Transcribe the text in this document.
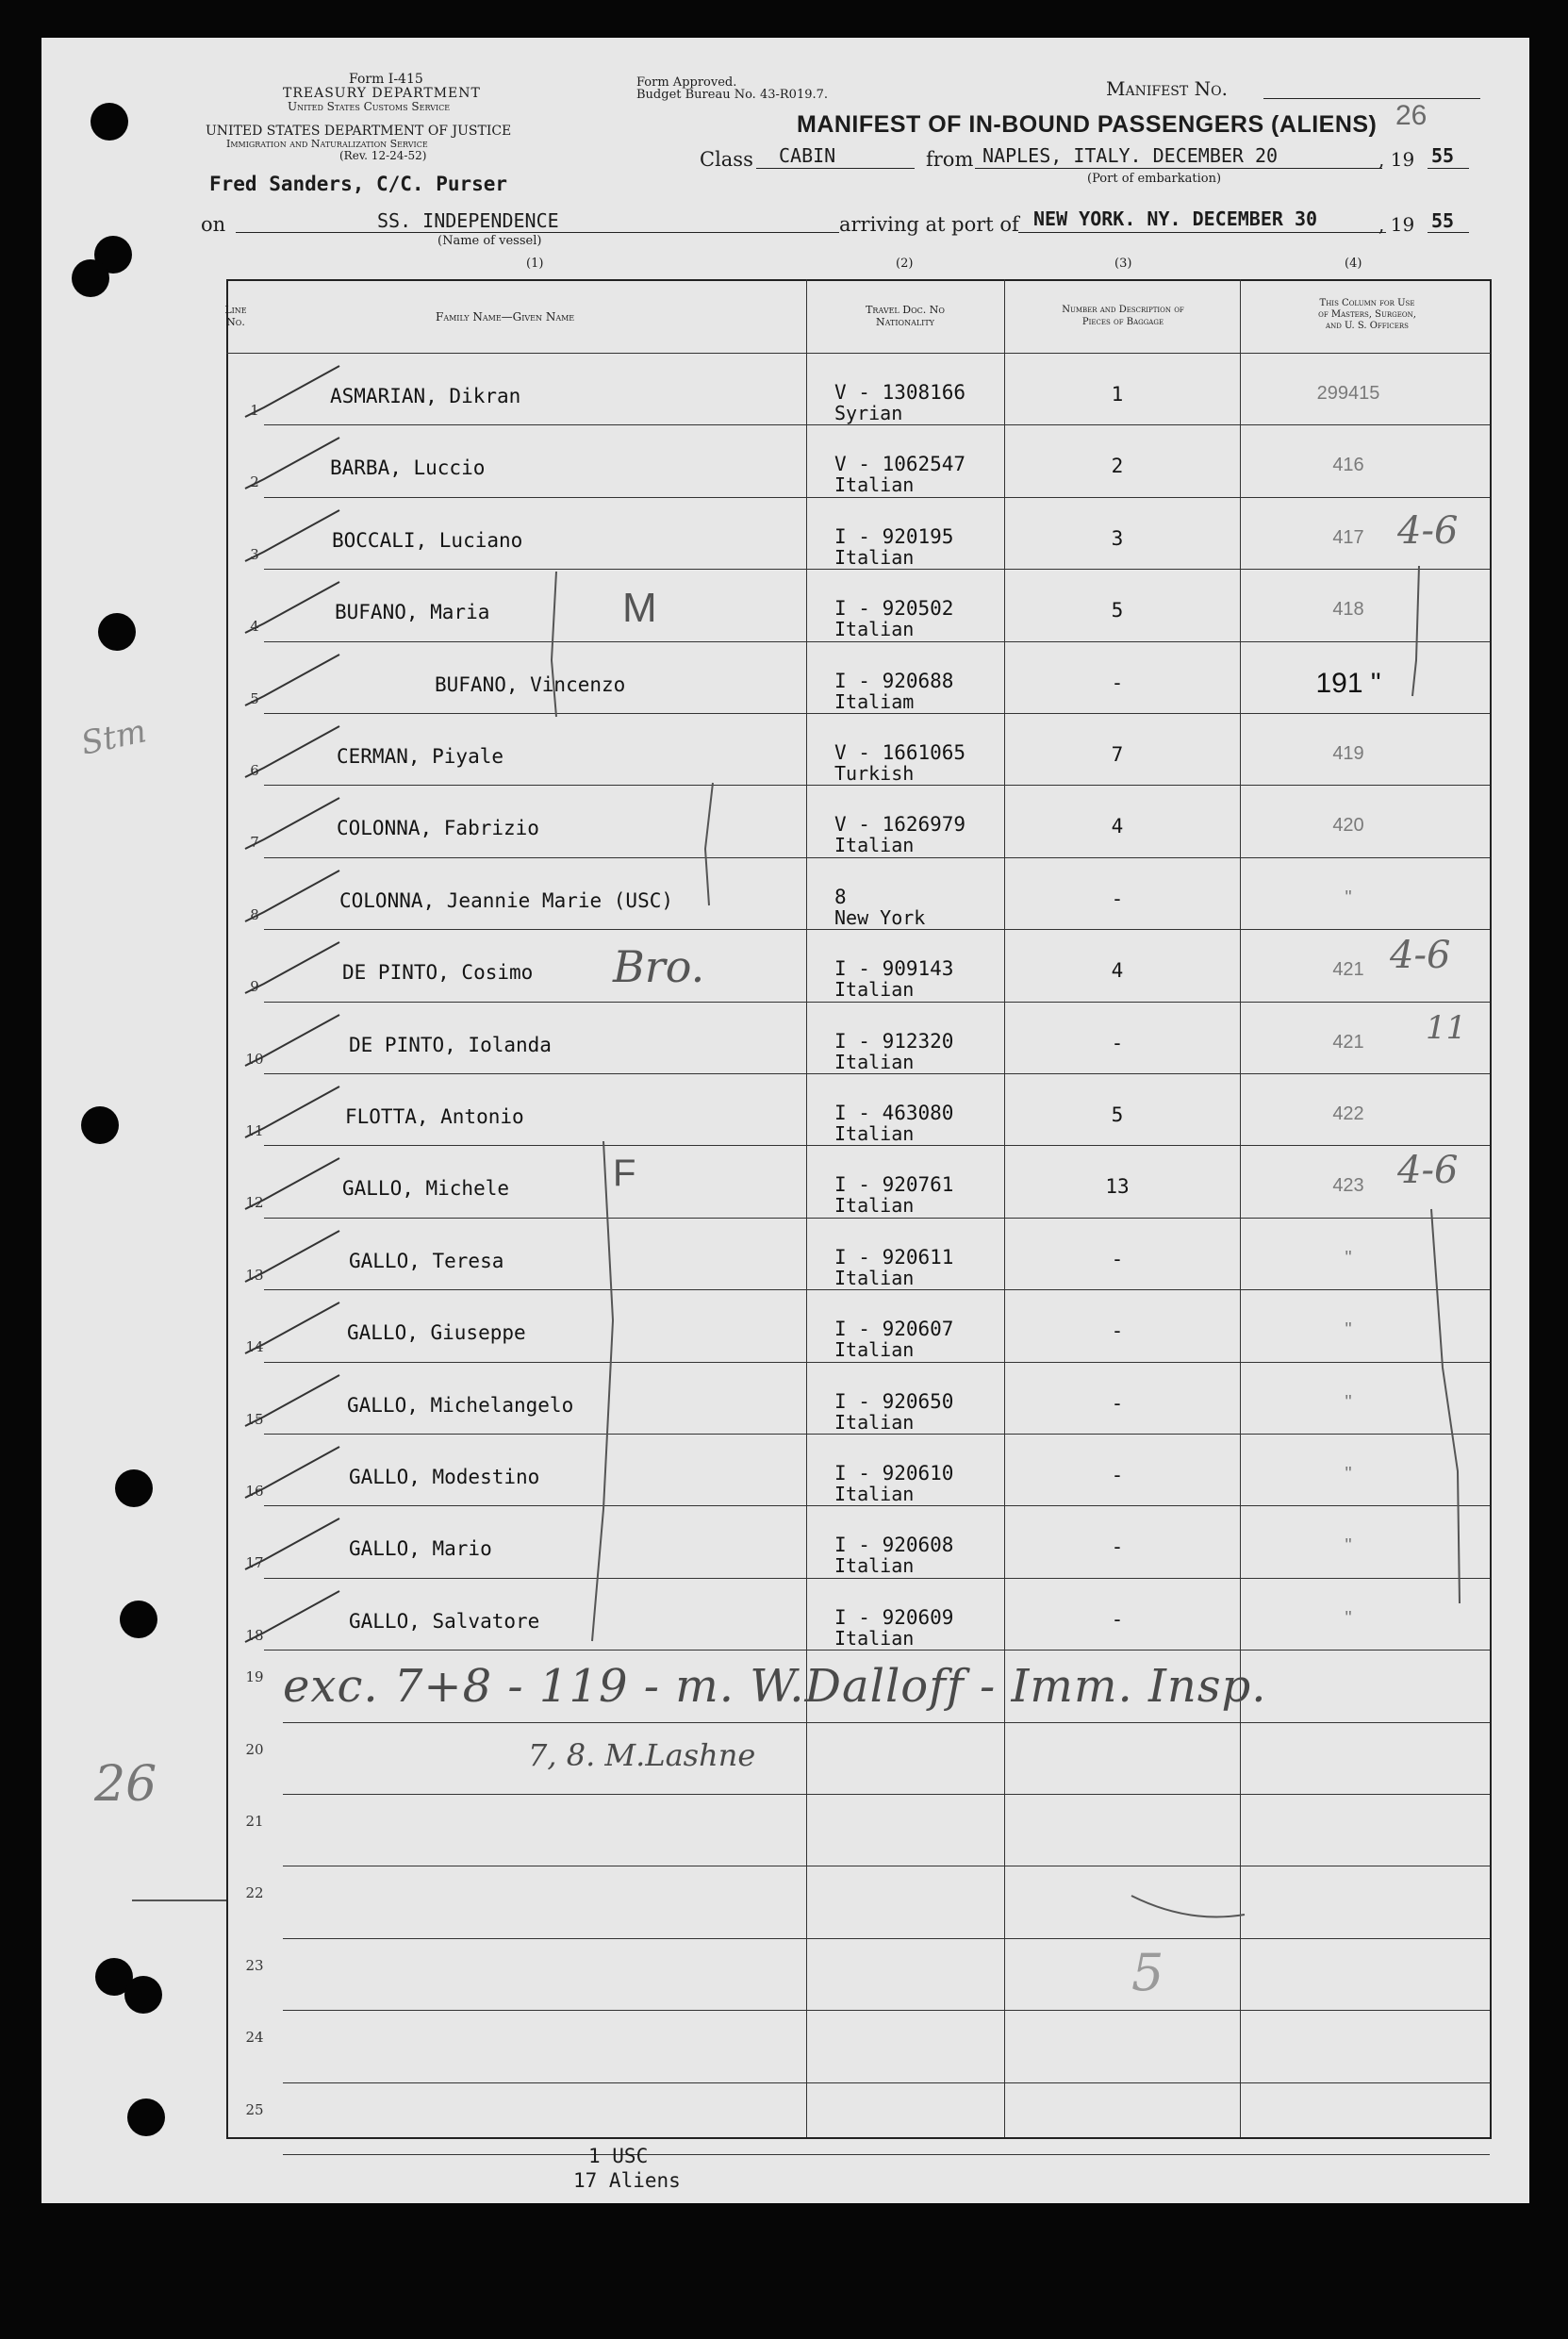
Form I-415
TREASURY DEPARTMENT
United States Customs Service
UNITED STATES DEPARTMENT OF JUSTICE
Immigration and Naturalization Service
(Rev. 12-24-52)
Fred Sanders, C/C. Purser
Form Approved.
Budget Bureau No. 43-R019.7.	Manifest No.
26
MANIFEST OF IN-BOUND PASSENGERS (ALIENS)
Class CABIN	from NAPLES, ITALY. DECEMBER 20	, 19 55
(Port of embarkation)
on	SS. INDEPENDENCE
(Name of vessel)
arriving at port of NEW YORK. NY. DECEMBER 30	, 19 55
(1)	(2)	(3)	(4)
Line
No.	Family Name—Given Name
Travel Doc. No
Nationality
Number and Description of
Pieces of Baggage
This Column for Use
of Masters, Surgeon,
and U. S. Officers
1
ASMARIAN, Dikran	V - 1308166
Syrian
1	299415
2
BARBA, Luccio	V - 1062547
Italian
2	416
3
BOCCALI, Luciano	I - 920195
Italian
3	417
4
BUFANO, Maria	I - 920502
Italian
5	418
5
BUFANO, Vincenzo	I - 920688
Italiam
-	191 "
6
CERMAN, Piyale	V - 1661065
Turkish
7	419
7
COLONNA, Fabrizio	V - 1626979
Italian
4	420
8
COLONNA, Jeannie Marie (USC)	8
New York
-	"
9
DE PINTO, Cosimo	I - 909143
Italian
4	421
10
DE PINTO, Iolanda	I - 912320
Italian
-	421
11
FLOTTA, Antonio	I - 463080
Italian
5	422
12
GALLO, Michele	I - 920761
Italian
13	423
13
GALLO, Teresa	I - 920611
Italian
-	"
14
GALLO, Giuseppe	I - 920607
Italian
-	"
15
GALLO, Michelangelo	I - 920650
Italian
-	"
16
GALLO, Modestino	I - 920610
Italian
-	"
17
GALLO, Mario	I - 920608
Italian
-	"
18
GALLO, Salvatore	I - 920609
Italian
-	"
19
20
21
22
23
24
25
M
Bro.
F
4-6
4-6
11
4-6
exc. 7+8 - 119 - m. W.Dalloff - Imm. Insp.
7, 8. M.Lashne
26
Stm
5
1 USC
17 Aliens
